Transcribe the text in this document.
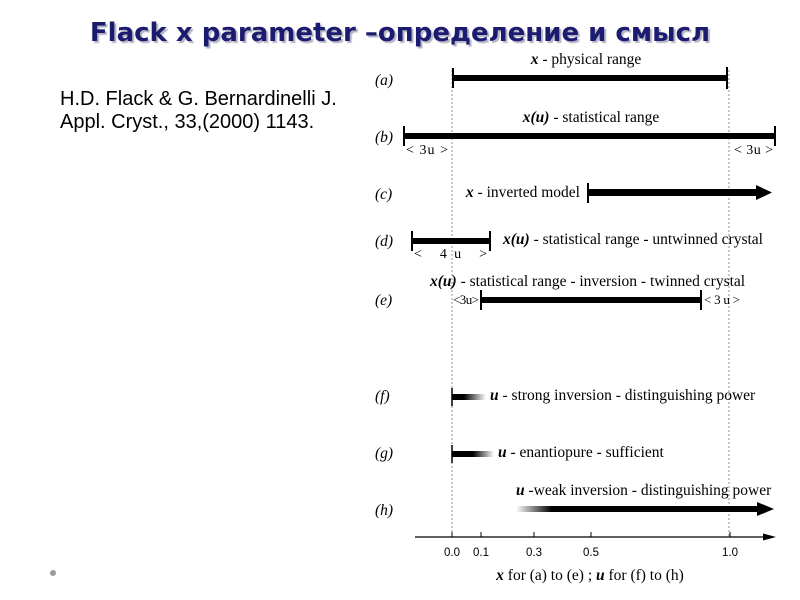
Flack x parameter –определение и смысл
H.D. Flack & G. Bernardinelli J.
Appl. Cryst., 33,(2000) 1143.
(a)
x - physical range
(b)
x(u) - statistical range
< 3u >	< 3u >
(c)	x - inverted model
(d)
< 4u >
x(u) - statistical range - untwinned crystal
x(u) - statistical range - inversion - twinned crystal
(e)	<3u>	<3u>
(f)	u - strong inversion - distinguishing power
(g)	u - enantiopure - sufficient
u -weak inversion - distinguishing power
(h)
0.0 0.1	0.3	0.5	1.0
x for (a) to (e) ; u for (f) to (h)
